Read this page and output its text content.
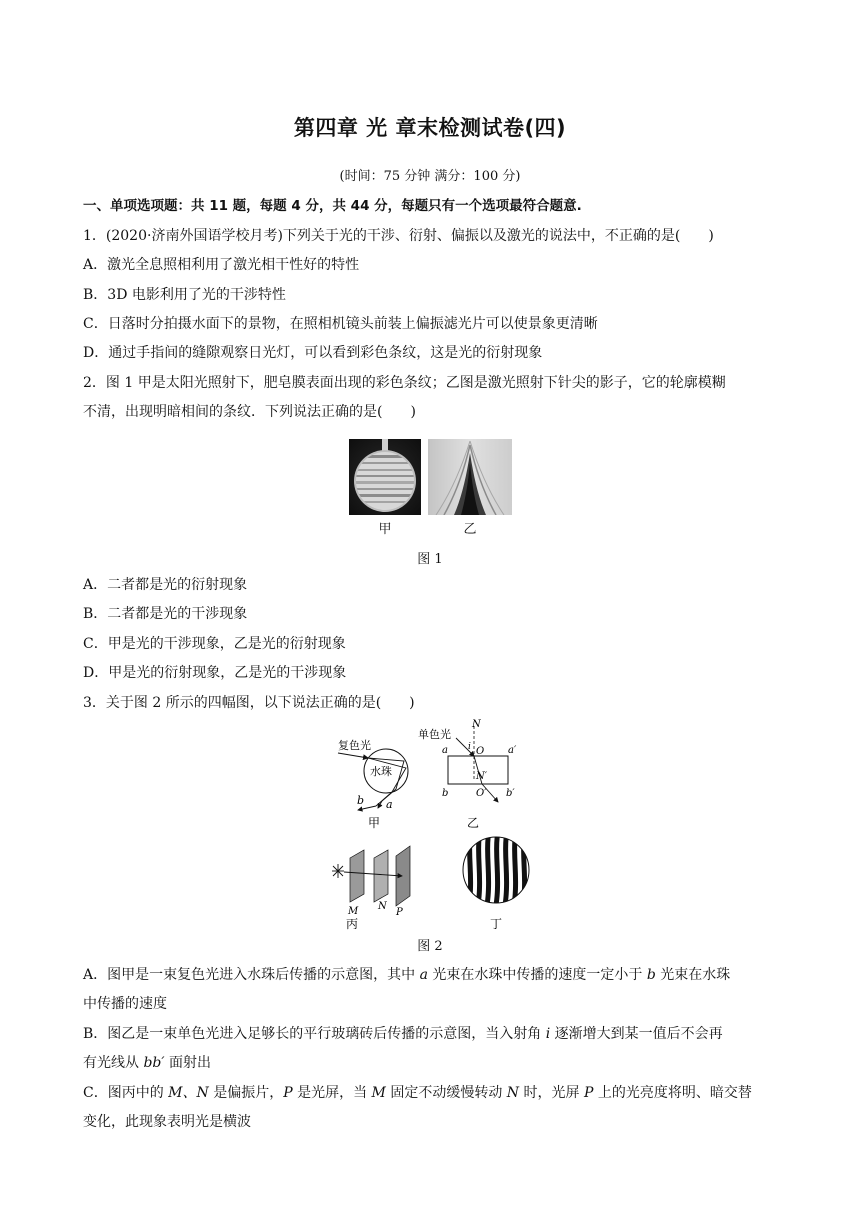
第四章 光 章末检测试卷(四)
(时间：75 分钟 满分：100 分)
一、单项选项题：共 11 题，每题 4 分，共 44 分，每题只有一个选项最符合题意.
1．(2020·济南外国语学校月考)下列关于光的干涉、衍射、偏振以及激光的说法中，不正确的是(　　)
A．激光全息照相利用了激光相干性好的特性
B．3D 电影利用了光的干涉特性
C．日落时分拍摄水面下的景物，在照相机镜头前装上偏振滤光片可以使景象更清晰
D．通过手指间的缝隙观察日光灯，可以看到彩色条纹，这是光的衍射现象
2．图 1 甲是太阳光照射下，肥皂膜表面出现的彩色条纹；乙图是激光照射下针尖的影子，它的轮廓模糊
不清，出现明暗相间的条纹．下列说法正确的是(　　)
甲	乙
图 1
A．二者都是光的衍射现象
B．二者都是光的干涉现象
C．甲是光的干涉现象，乙是光的衍射现象
D．甲是光的衍射现象，乙是光的干涉现象
3．关于图 2 所示的四幅图，以下说法正确的是(　　)
复色光
水珠
b a
甲
单色光
N
i O
N′
a	a′
b	O′ b′
乙
M N
P
丙	丁
图 2
A．图甲是一束复色光进入水珠后传播的示意图，其中 a 光束在水珠中传播的速度一定小于 b 光束在水珠
中传播的速度
B．图乙是一束单色光进入足够长的平行玻璃砖后传播的示意图，当入射角 i 逐渐增大到某一值后不会再
有光线从 bb′ 面射出
C．图丙中的 M、N 是偏振片，P 是光屏，当 M 固定不动缓慢转动 N 时，光屏 P 上的光亮度将明、暗交替
变化，此现象表明光是横波
